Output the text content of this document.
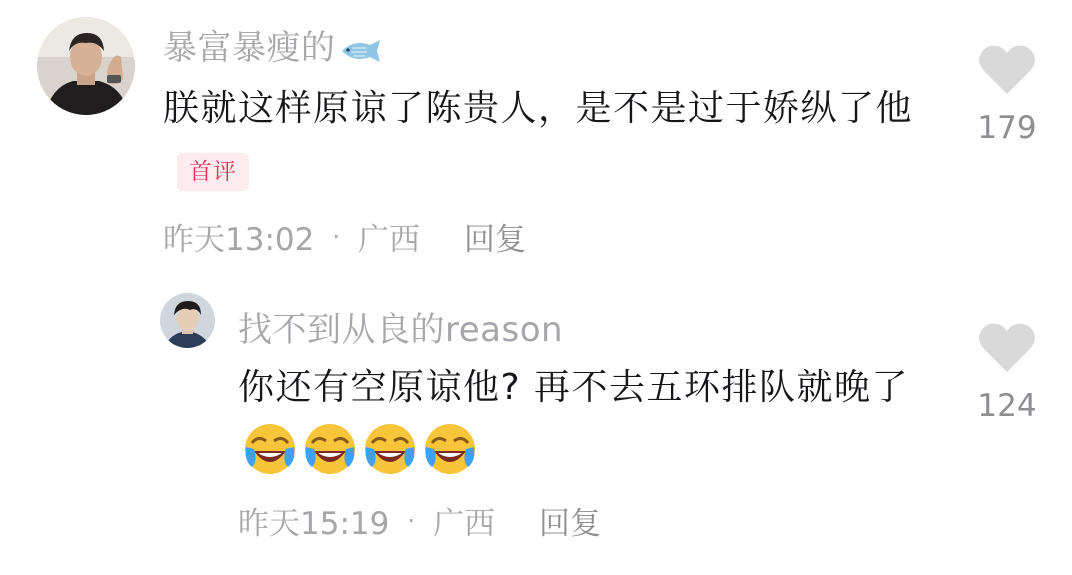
暴富暴瘦的
朕就这样原谅了陈贵人，是不是过于娇纵了他首评
昨天13:02 · 广西 回复
179
找不到从良的reason
你还有空原谅他? 再不去五环排队就晚了
昨天15:19 · 广西 回复
124
